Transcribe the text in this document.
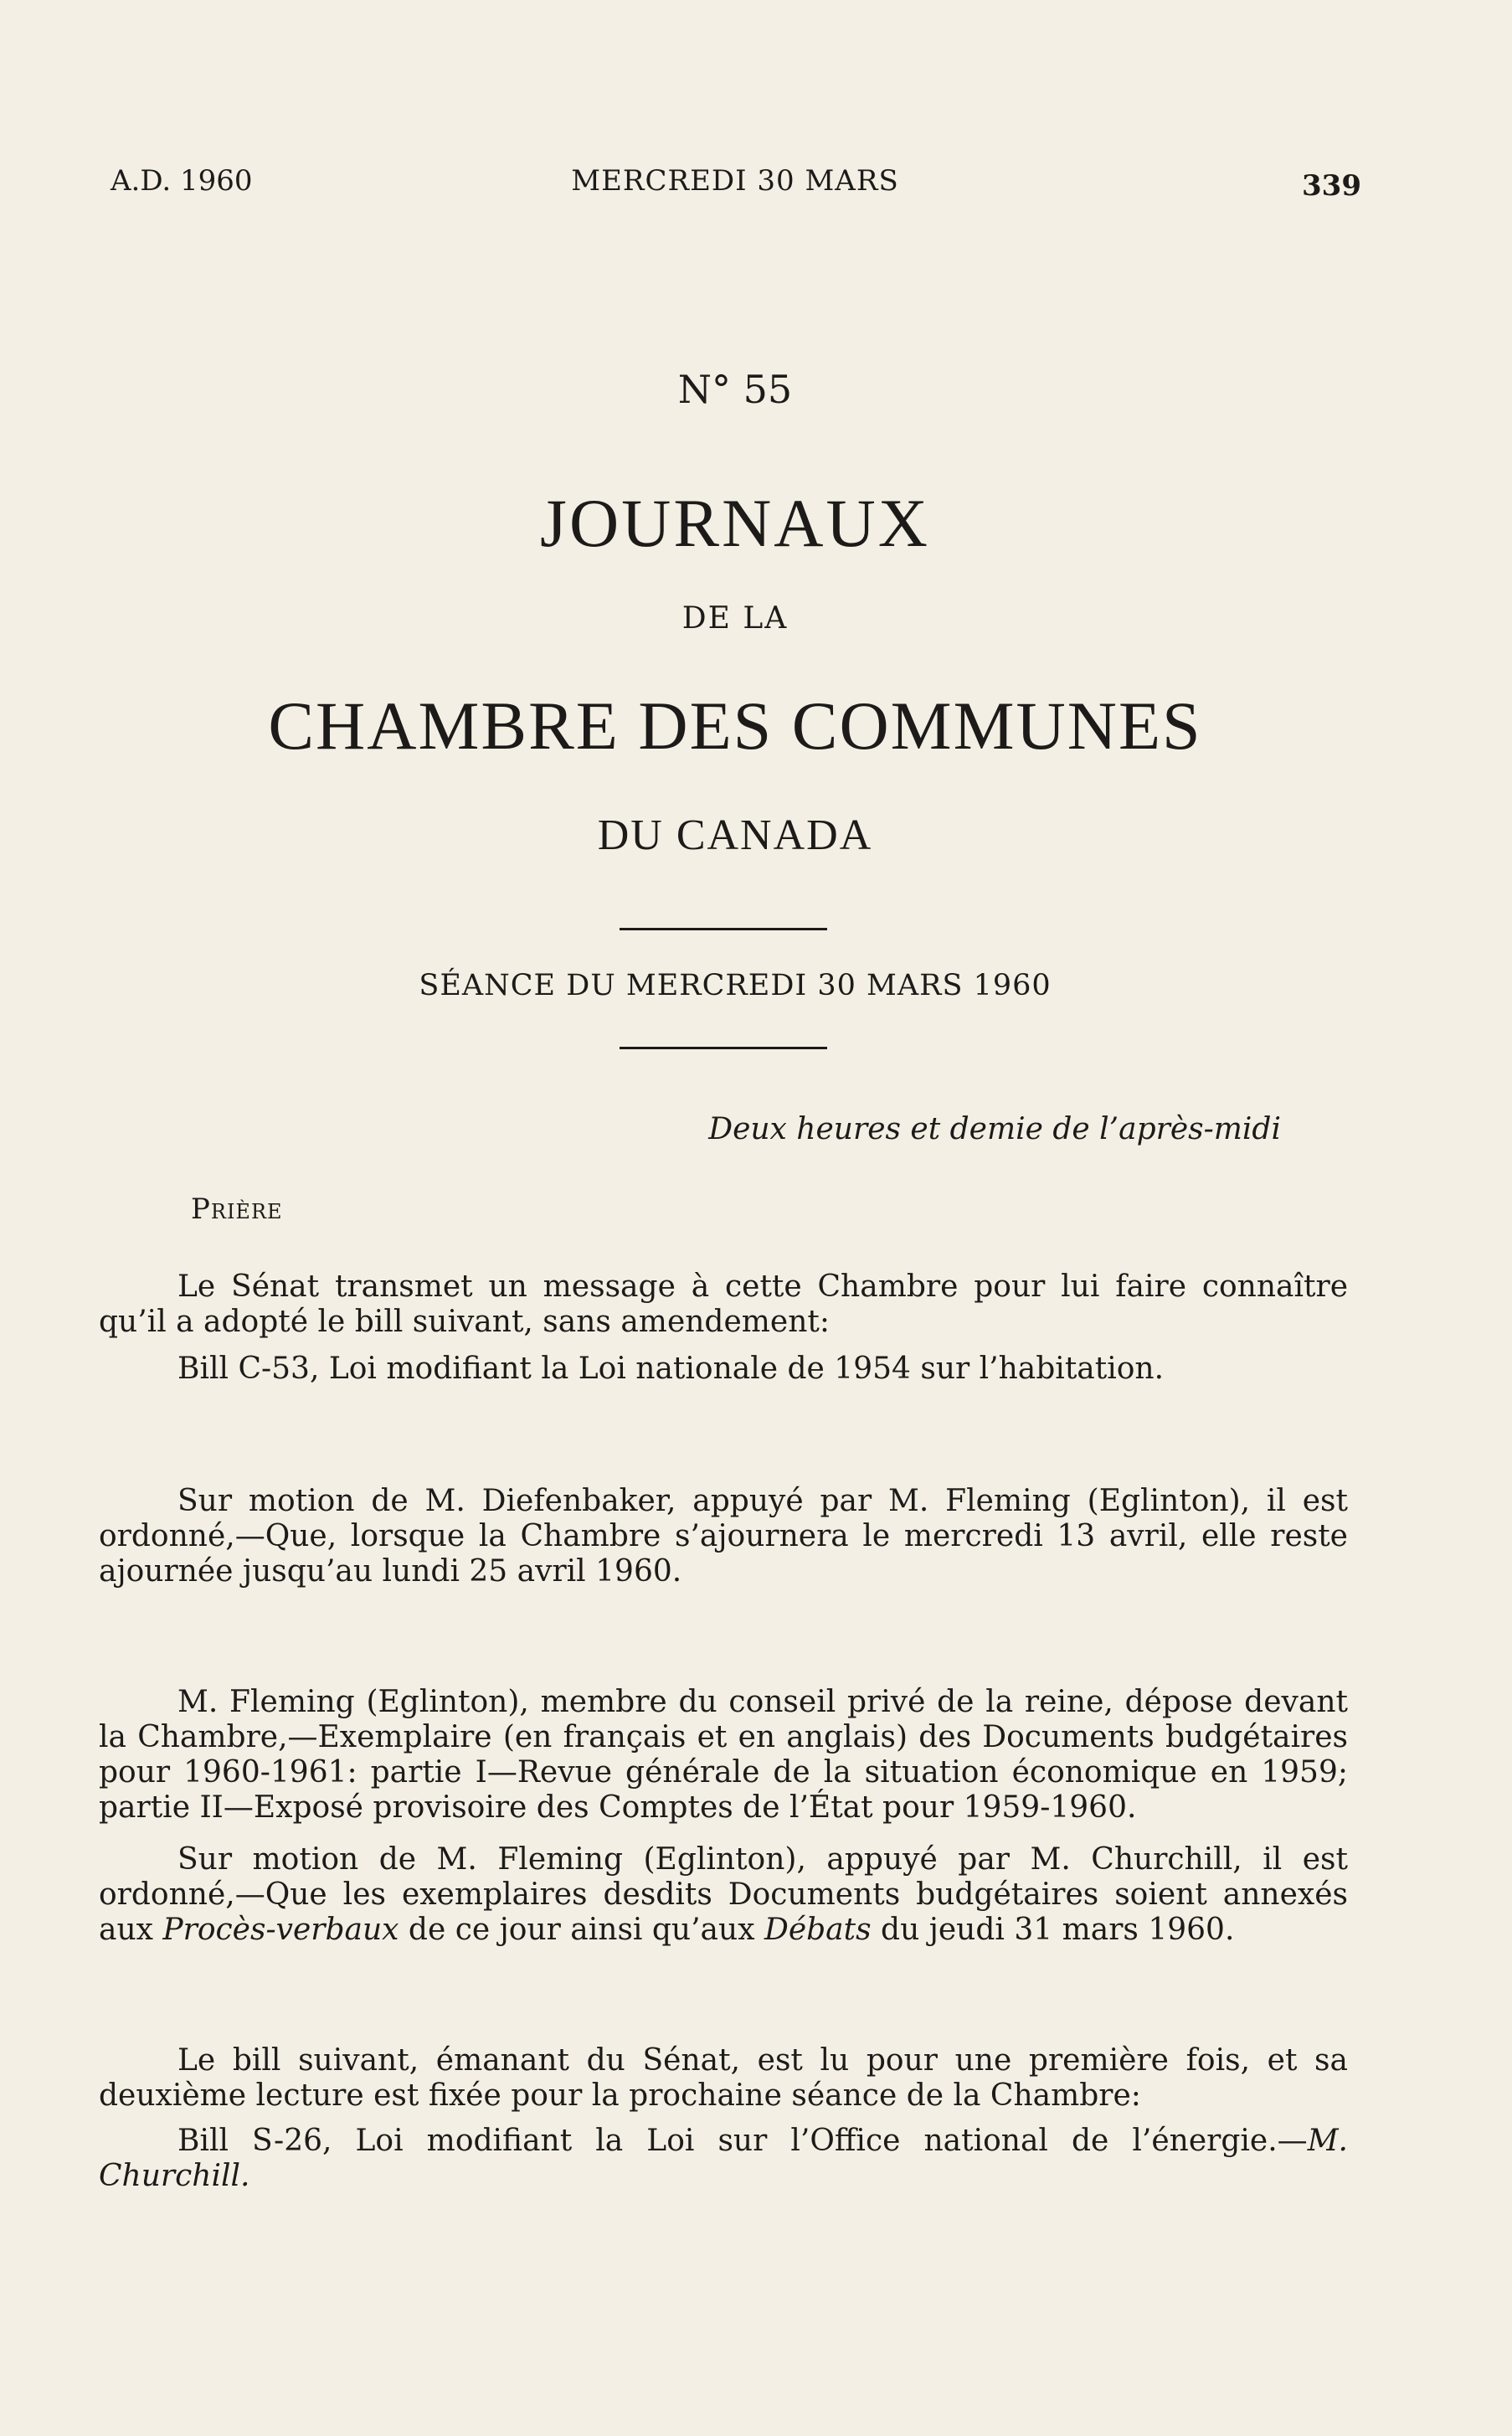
A.D. 1960	MERCREDI 30 MARS	339
N° 55
JOURNAUX
DE LA
CHAMBRE DES COMMUNES
DU CANADA
SÉANCE DU MERCREDI 30 MARS 1960
Deux heures et demie de l’après-midi
Prière
Le Sénat transmet un message à cette Chambre pour lui faire connaître qu’il a adopté le bill suivant, sans amendement:
Bill C-53, Loi modifiant la Loi nationale de 1954 sur l’habitation.
Sur motion de M. Diefenbaker, appuyé par M. Fleming (Eglinton), il est ordonné,—Que, lorsque la Chambre s’ajournera le mercredi 13 avril, elle reste ajournée jusqu’au lundi 25 avril 1960.
M. Fleming (Eglinton), membre du conseil privé de la reine, dépose devant la Chambre,—Exemplaire (en français et en anglais) des Documents budgétaires pour 1960-1961: partie I—Revue générale de la situation économique en 1959; partie II—Exposé provisoire des Comptes de l’État pour 1959-1960.
Sur motion de M. Fleming (Eglinton), appuyé par M. Churchill, il est ordonné,—Que les exemplaires desdits Documents budgétaires soient annexés aux Procès-verbaux de ce jour ainsi qu’aux Débats du jeudi 31 mars 1960.
Le bill suivant, émanant du Sénat, est lu pour une première fois, et sa deuxième lecture est fixée pour la prochaine séance de la Chambre:
Bill S-26, Loi modifiant la Loi sur l’Office national de l’énergie.—M. Churchill.
